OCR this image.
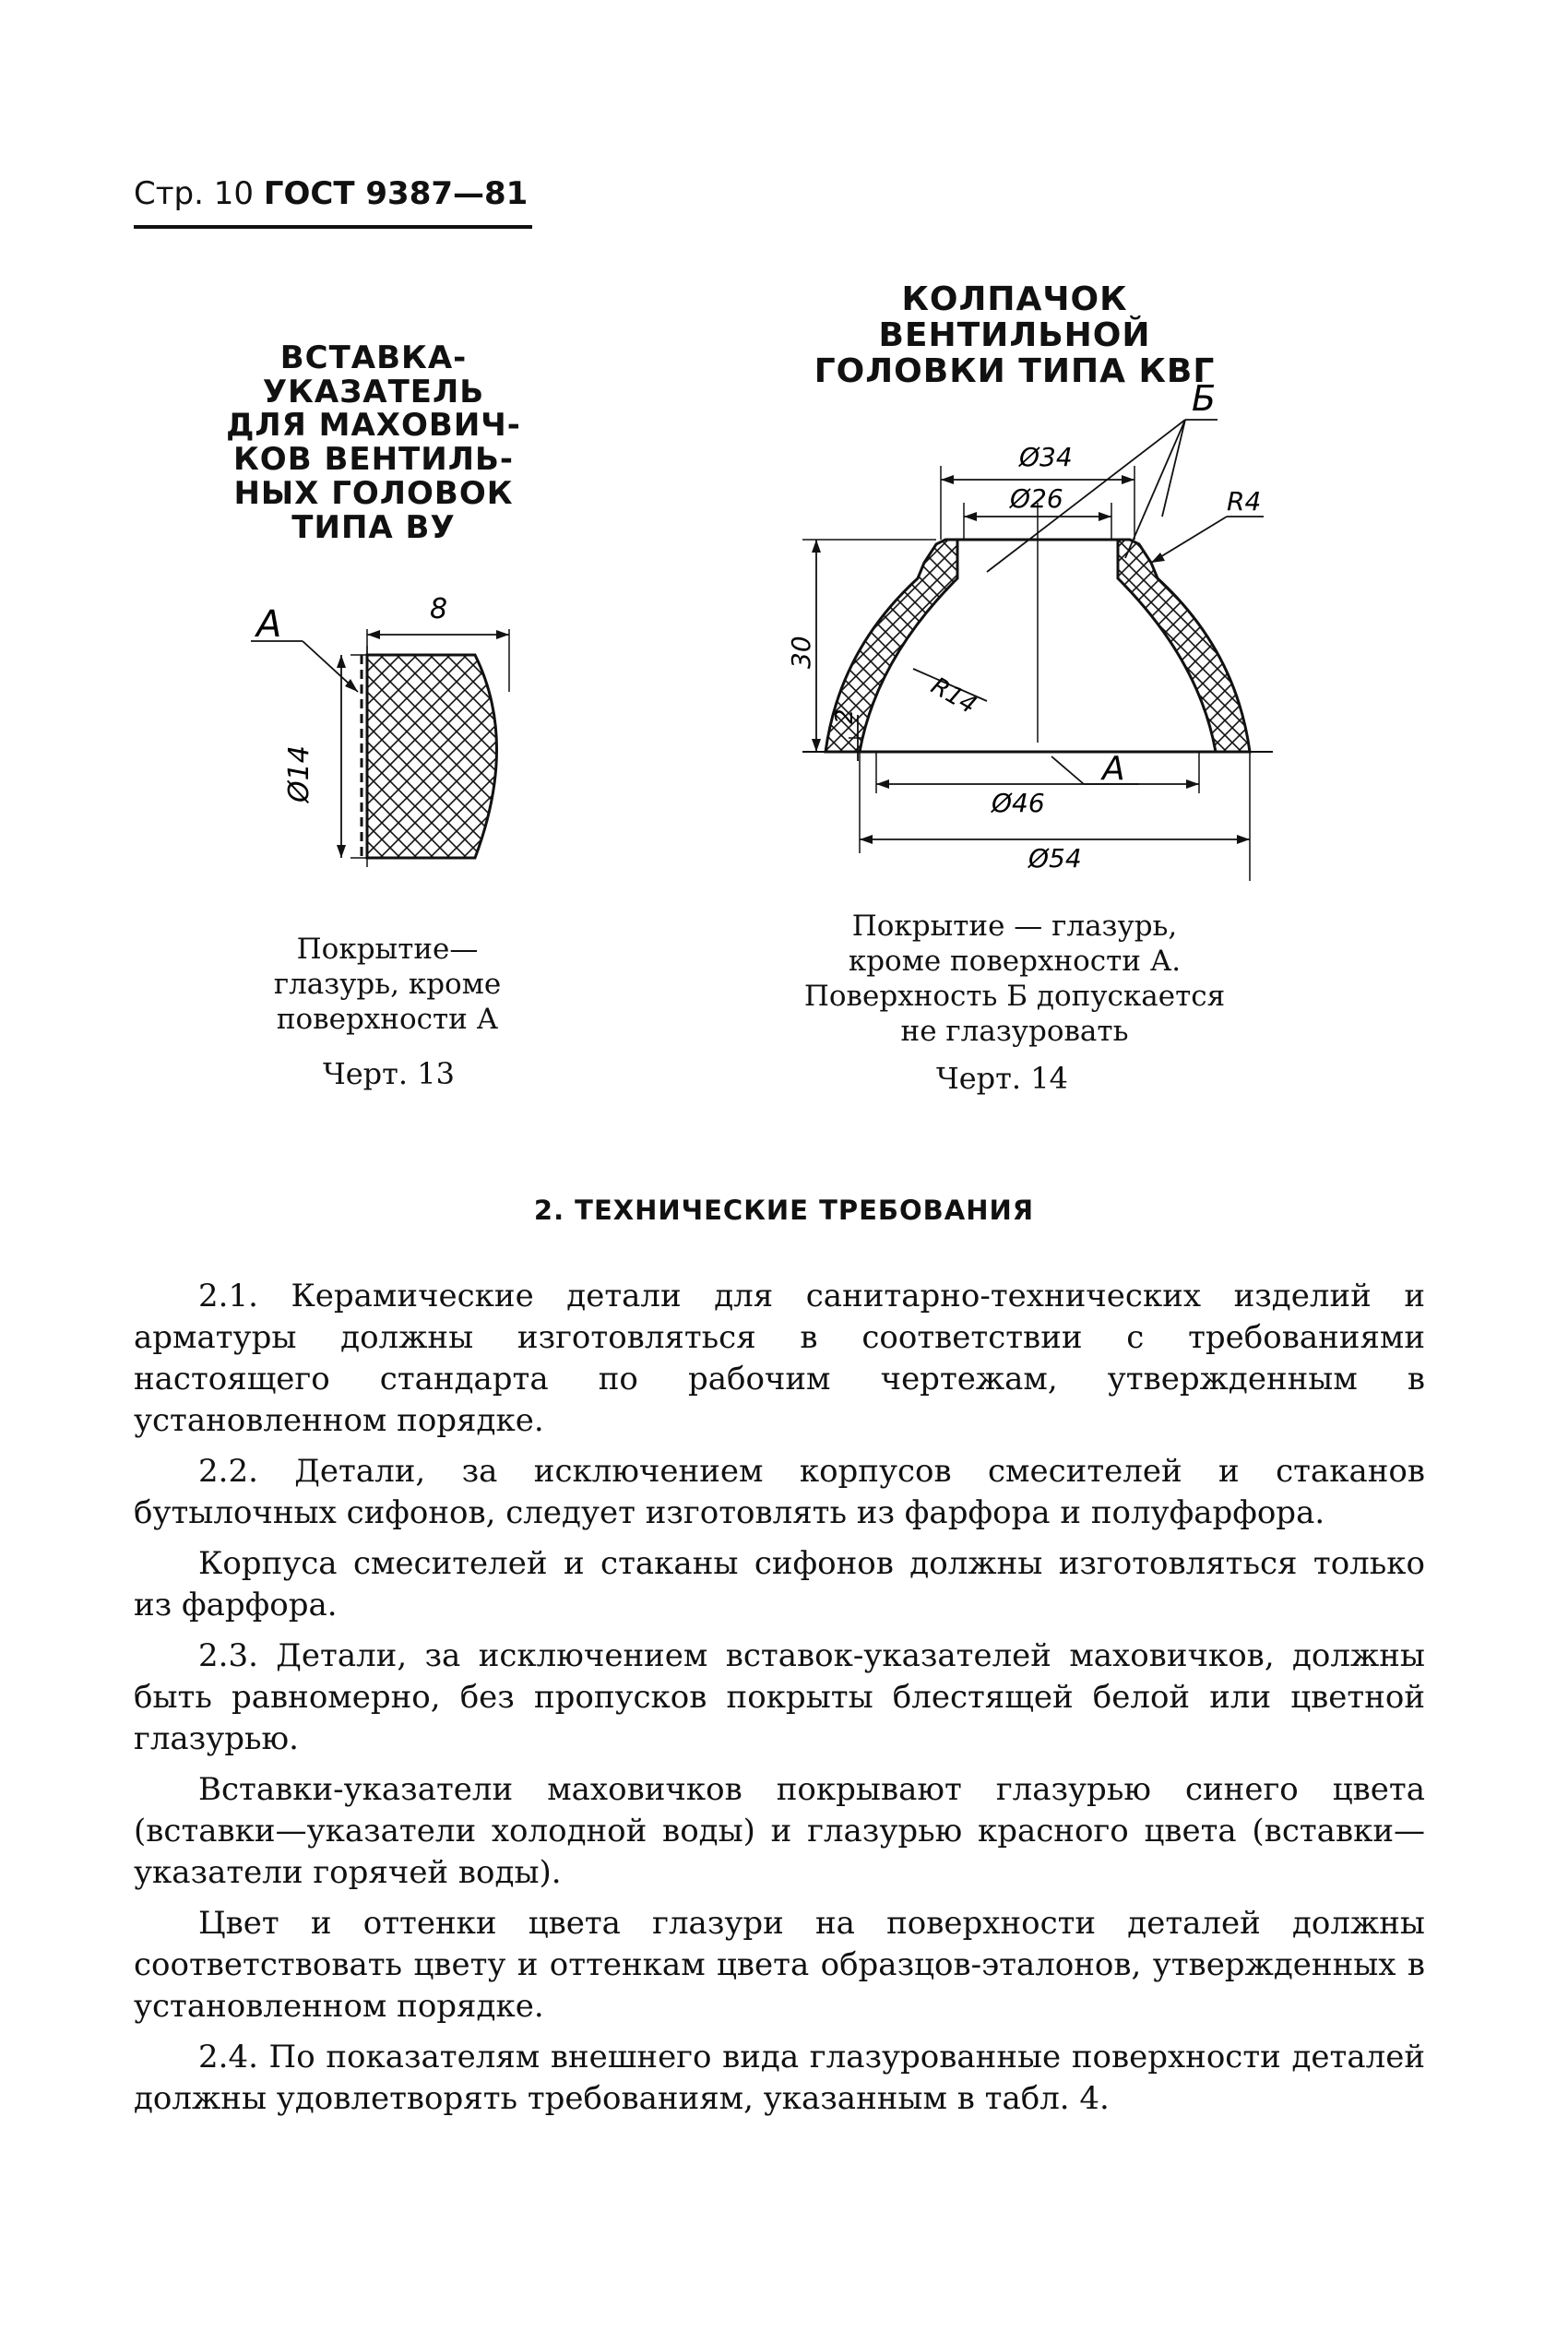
Стр. 10 ГОСТ 9387—81
ВСТАВКА-
УКАЗАТЕЛЬ
ДЛЯ МАХОВИЧ-
КОВ ВЕНТИЛЬ-
НЫХ ГОЛОВОК
ТИПА ВУ
8
Ø14
А
Покрытие—
глазурь, кроме
поверхности А
Черт. 13
КОЛПАЧОК ВЕНТИЛЬНОЙ
ГОЛОВКИ ТИПА КВГ
Ø34
Ø26
Б
R4
30
2	R14
Ø46
А
Ø54
Покрытие — глазурь,
кроме поверхности А.
Поверхность Б допускается
не глазуровать
Черт. 14
2. ТЕХНИЧЕСКИЕ ТРЕБОВАНИЯ

2.1. Керамические детали для санитарно-технических изделий и арматуры должны изготовляться в соответствии с требованиями настоящего стандарта по рабочим чертежам, утвержденным в установленном порядке.

2.2. Детали, за исключением корпусов смесителей и стаканов бутылочных сифонов, следует изготовлять из фарфора и полуфарфора.

Корпуса смесителей и стаканы сифонов должны изготовляться только из фарфора.

2.3. Детали, за исключением вставок-указателей маховичков, должны быть равномерно, без пропусков покрыты блестящей белой или цветной глазурью.

Вставки-указатели маховичков покрывают глазурью синего цвета (вставки—указатели холодной воды) и глазурью красного цвета (вставки—указатели горячей воды).

Цвет и оттенки цвета глазури на поверхности деталей должны соответствовать цвету и оттенкам цвета образцов-эталонов, утвержденных в установленном порядке.

2.4. По показателям внешнего вида глазурованные поверхности деталей должны удовлетворять требованиям, указанным в табл. 4.
